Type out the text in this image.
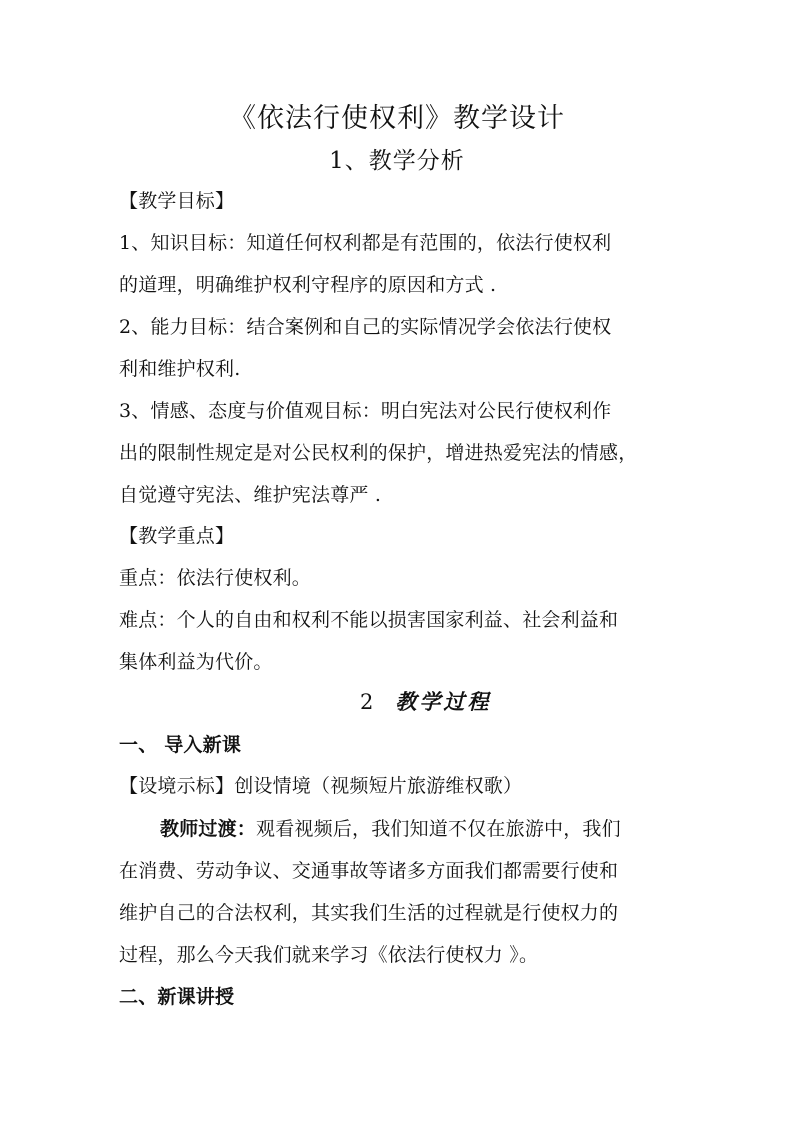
《依法行使权利》教学设计
1、教学分析
【教学目标】
1、知识目标：知道任何权利都是有范围的，依法行使权利
的道理，明确维护权利守程序的原因和方式 .
2、能力目标：结合案例和自己的实际情况学会依法行使权
利和维护权利.
3、情感、态度与价值观目标：明白宪法对公民行使权利作
出的限制性规定是对公民权利的保护，增进热爱宪法的情感，
自觉遵守宪法、维护宪法尊严 .
【教学重点】
重点：依法行使权利。
难点：个人的自由和权利不能以损害国家利益、社会利益和
集体利益为代价。
2 教学过程
一、 导入新课
【设境示标】创设情境（视频短片旅游维权歌）
教师过渡：观看视频后，我们知道不仅在旅游中，我们
在消费、劳动争议、交通事故等诸多方面我们都需要行使和
维护自己的合法权利，其实我们生活的过程就是行使权力的
过程，那么今天我们就来学习《依法行使权力 》。
二、新课讲授
